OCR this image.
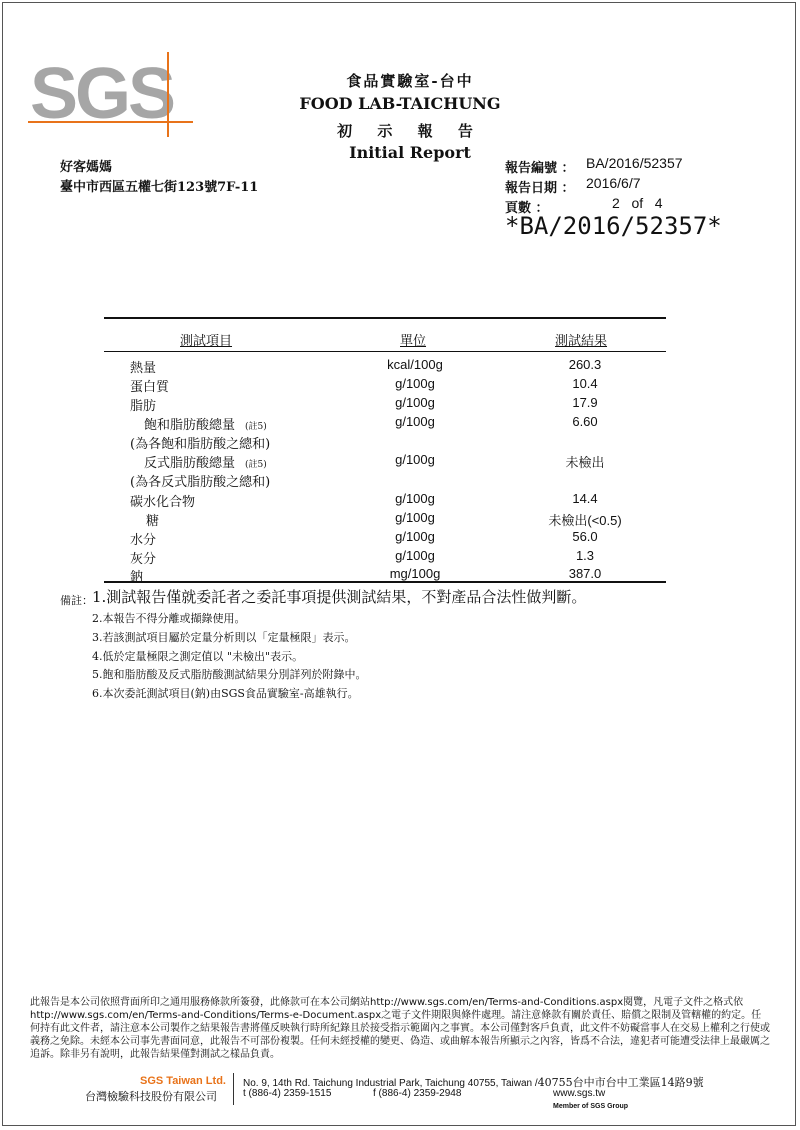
SGS	食品實驗室-台中
FOOD LAB-TAICHUNG
初 示 報 告
Initial Report
好客媽媽
臺中市西區五權七街123號7F-11
報告編號 ： BA/2016/52357
報告日期 ： 2016/6/7
頁數 ：	2   of   4
*BA/2016/52357*
測試項目	單位	測試結果
熱量	kcal/100g	260.3
蛋白質	g/100g	10.4
脂肪	g/100g	17.9
飽和脂肪酸總量 (註5)	g/100g	6.60
(為各飽和脂肪酸之總和)
反式脂肪酸總量 (註5)	g/100g	未檢出
(為各反式脂肪酸之總和)
碳水化合物	g/100g	14.4
糖	g/100g	未檢出(<0.5)
水分	g/100g	56.0
灰分	g/100g	1.3
鈉	mg/100g	387.0
備註： 1.測試報告僅就委託者之委託事項提供測試結果，不對產品合法性做判斷。
2.本報告不得分離或擷錄使用。
3.若該測試項目屬於定量分析則以「定量極限」表示。
4.低於定量極限之測定值以 "未檢出"表示。
5.飽和脂肪酸及反式脂肪酸測試結果分別詳列於附錄中。
6.本次委託測試項目(鈉)由SGS食品實驗室-高雄執行。
此報告是本公司依照背面所印之通用服務條款所簽發，此條款可在本公司網站http://www.sgs.com/en/Terms-and-Conditions.aspx閱覽，凡電子文件之格式依http://www.sgs.com/en/Terms-and-Conditions/Terms-e-Document.aspx之電子文件期限與條件處理。請注意條款有關於責任、賠償之限制及管轄權的約定。任何持有此文件者，請注意本公司製作之結果報告書將僅反映執行時所紀錄且於接受指示範圍內之事實。本公司僅對客戶負責，此文件不妨礙當事人在交易上權利之行使或義務之免除。未經本公司事先書面同意，此報告不可部份複製。任何未經授權的變更、偽造、或曲解本報告所顯示之內容，皆爲不合法，違犯者可能遭受法律上最嚴厲之追訴。除非另有說明，此報告結果僅對測試之樣品負責。
SGS Taiwan Ltd.
台灣檢驗科技股份有限公司
No. 9, 14th Rd. Taichung Industrial Park, Taichung 40755, Taiwan /40755台中市台中工業區14路9號
t (886-4) 2359-1515	f (886-4) 2359-2948	www.sgs.tw
Member of SGS Group
